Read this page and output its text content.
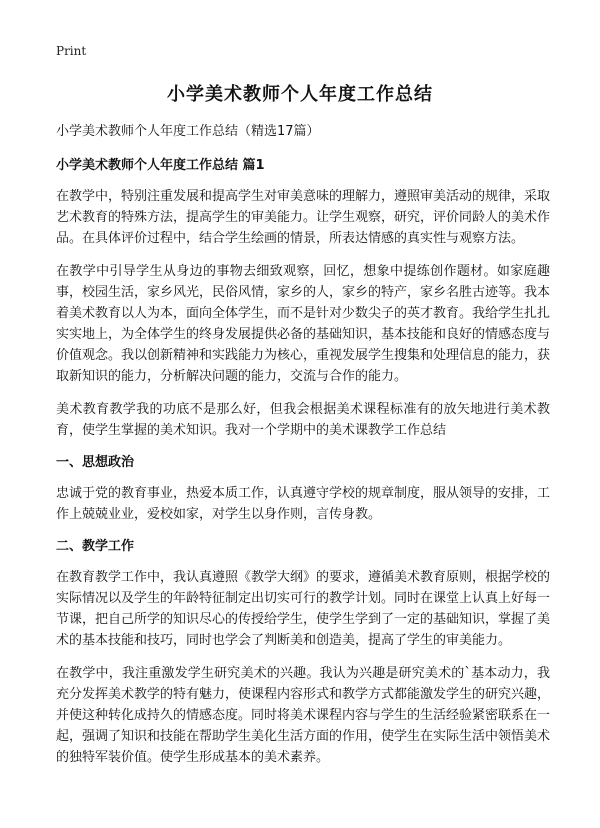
Print
小学美术教师个人年度工作总结
小学美术教师个人年度工作总结（精选17篇）
小学美术教师个人年度工作总结 篇1

在教学中，特别注重发展和提高学生对审美意味的理解力，遵照审美活动的规律，采取艺术教育的特殊方法，提高学生的审美能力。让学生观察，研究，评价同龄人的美术作品。在具体评价过程中，结合学生绘画的情景，所表达情感的真实性与观察方法。

在教学中引导学生从身边的事物去细致观察，回忆，想象中提练创作题材。如家庭趣事，校园生活，家乡风光，民俗风情，家乡的人，家乡的特产，家乡名胜古迹等。我本着美术教育以人为本，面向全体学生，而不是针对少数尖子的英才教育。我给学生扎扎实实地上，为全体学生的终身发展提供必备的基础知识，基本技能和良好的情感态度与价值观念。我以创新精神和实践能力为核心，重视发展学生搜集和处理信息的能力，获取新知识的能力，分析解决问题的能力，交流与合作的能力。

美术教育教学我的功底不是那么好，但我会根据美术课程标准有的放矢地进行美术教育，使学生掌握的美术知识。我对一个学期中的美术课教学工作总结

一、思想政治

忠诚于党的教育事业，热爱本质工作，认真遵守学校的规章制度，服从领导的安排，工作上兢兢业业，爱校如家，对学生以身作则，言传身教。

二、教学工作

在教育教学工作中，我认真遵照《教学大纲》的要求，遵循美术教育原则，根据学校的实际情况以及学生的年龄特征制定出切实可行的教学计划。同时在课堂上认真上好每一节课，把自己所学的知识尽心的传授给学生，使学生学到了一定的基础知识，掌握了美术的基本技能和技巧，同时也学会了判断美和创造美，提高了学生的审美能力。

在教学中，我注重激发学生研究美术的兴趣。我认为兴趣是研究美术的`基本动力，我充分发挥美术教学的特有魅力，使课程内容形式和教学方式都能激发学生的研究兴趣，并使这种转化成持久的情感态度。同时将美术课程内容与学生的生活经验紧密联系在一起，强调了知识和技能在帮助学生美化生活方面的作用，使学生在实际生活中领悟美术的独特军装价值。使学生形成基本的美术素养。
